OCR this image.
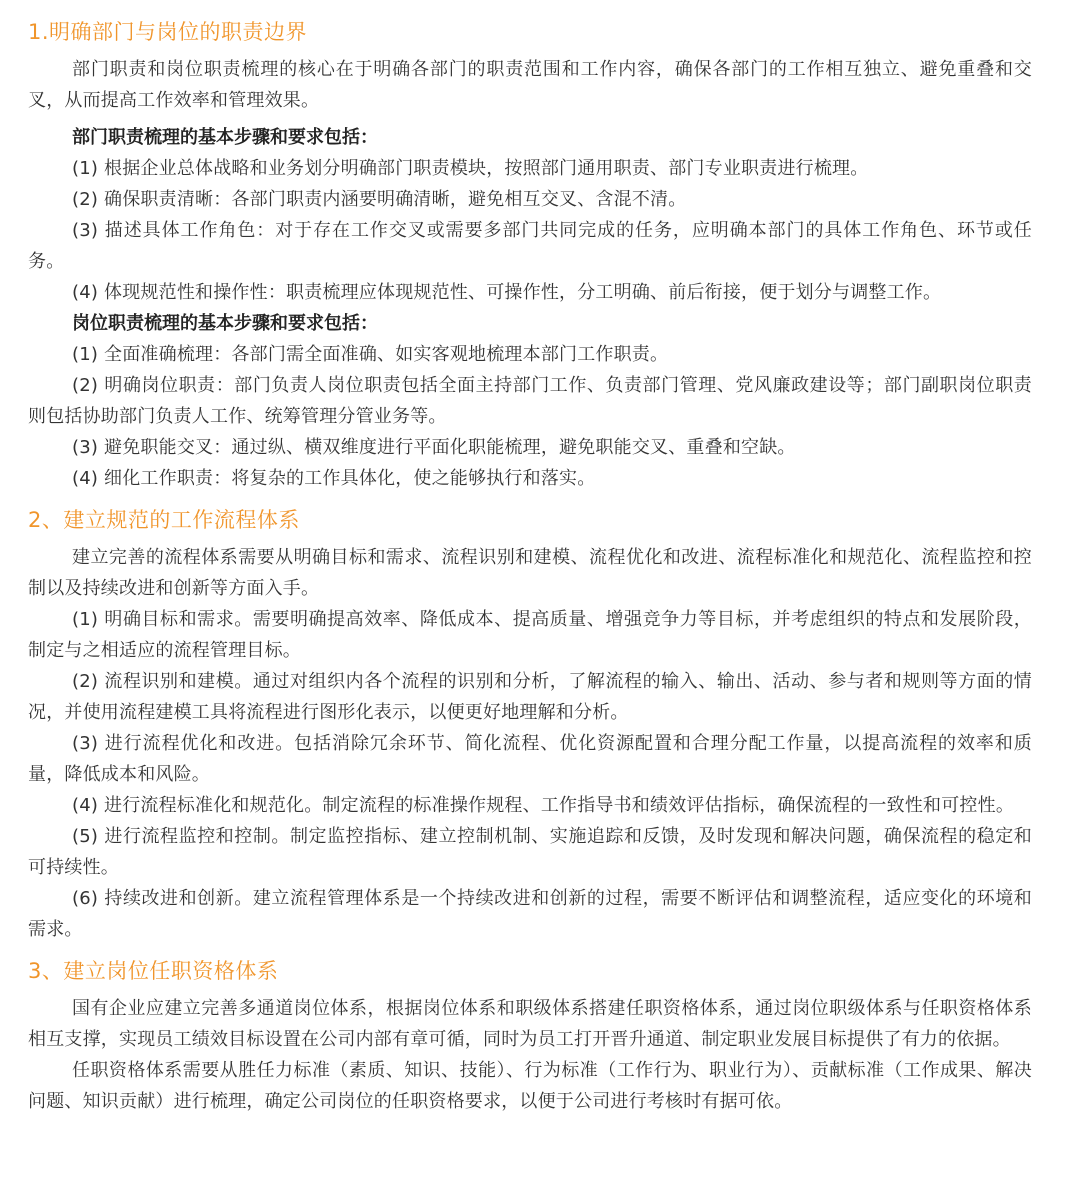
1.明确部门与岗位的职责边界

部门职责和岗位职责梳理的核心在于明确各部门的职责范围和工作内容，确保各部门的工作相互独立、避免重叠和交叉，从而提高工作效率和管理效果。

部门职责梳理的基本步骤和要求包括：

(1) 根据企业总体战略和业务划分明确部门职责模块，按照部门通用职责、部门专业职责进行梳理。

(2) 确保职责清晰：各部门职责内涵要明确清晰，避免相互交叉、含混不清。

(3) 描述具体工作角色：对于存在工作交叉或需要多部门共同完成的任务，应明确本部门的具体工作角色、环节或任务。

(4) 体现规范性和操作性：职责梳理应体现规范性、可操作性，分工明确、前后衔接，便于划分与调整工作。

岗位职责梳理的基本步骤和要求包括：

(1) 全面准确梳理：各部门需全面准确、如实客观地梳理本部门工作职责。

(2) 明确岗位职责：部门负责人岗位职责包括全面主持部门工作、负责部门管理、党风廉政建设等；部门副职岗位职责则包括协助部门负责人工作、统筹管理分管业务等。

(3) 避免职能交叉：通过纵、横双维度进行平面化职能梳理，避免职能交叉、重叠和空缺。

(4) 细化工作职责：将复杂的工作具体化，使之能够执行和落实。

2、建立规范的工作流程体系

建立完善的流程体系需要从明确目标和需求、流程识别和建模、流程优化和改进、流程标准化和规范化、流程监控和控制以及持续改进和创新等方面入手。

(1) 明确目标和需求。需要明确提高效率、降低成本、提高质量、增强竞争力等目标，并考虑组织的特点和发展阶段，制定与之相适应的流程管理目标。

(2) 流程识别和建模。通过对组织内各个流程的识别和分析，了解流程的输入、输出、活动、参与者和规则等方面的情况，并使用流程建模工具将流程进行图形化表示，以便更好地理解和分析。

(3) 进行流程优化和改进。包括消除冗余环节、简化流程、优化资源配置和合理分配工作量，以提高流程的效率和质量，降低成本和风险。

(4) 进行流程标准化和规范化。制定流程的标准操作规程、工作指导书和绩效评估指标，确保流程的一致性和可控性。

(5) 进行流程监控和控制。制定监控指标、建立控制机制、实施追踪和反馈，及时发现和解决问题，确保流程的稳定和可持续性。

(6) 持续改进和创新。建立流程管理体系是一个持续改进和创新的过程，需要不断评估和调整流程，适应变化的环境和需求。

3、建立岗位任职资格体系

国有企业应建立完善多通道岗位体系，根据岗位体系和职级体系搭建任职资格体系，通过岗位职级体系与任职资格体系相互支撑，实现员工绩效目标设置在公司内部有章可循，同时为员工打开晋升通道、制定职业发展目标提供了有力的依据。

任职资格体系需要从胜任力标准（素质、知识、技能）、行为标准（工作行为、职业行为）、贡献标准（工作成果、解决问题、知识贡献）进行梳理，确定公司岗位的任职资格要求，以便于公司进行考核时有据可依。
